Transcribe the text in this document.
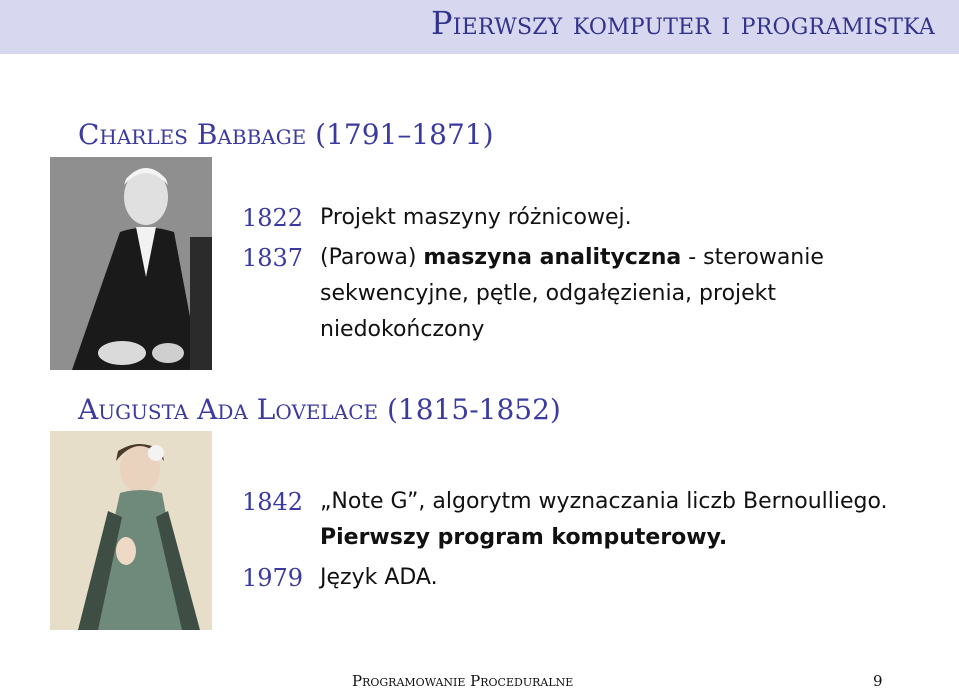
Pierwszy komputer i programistka
Charles Babbage (1791–1871)
1822 Projekt maszyny różnicowej.
1837 (Parowa) maszyna analityczna - sterowanie sekwencyjne, pętle, odgałęzienia, projekt niedokończony
Augusta Ada Lovelace (1815-1852)
1842 „Note G”, algorytm wyznaczania liczb Bernoulliego. Pierwszy program komputerowy.
1979 Język ADA.
Programowanie Proceduralne	9
